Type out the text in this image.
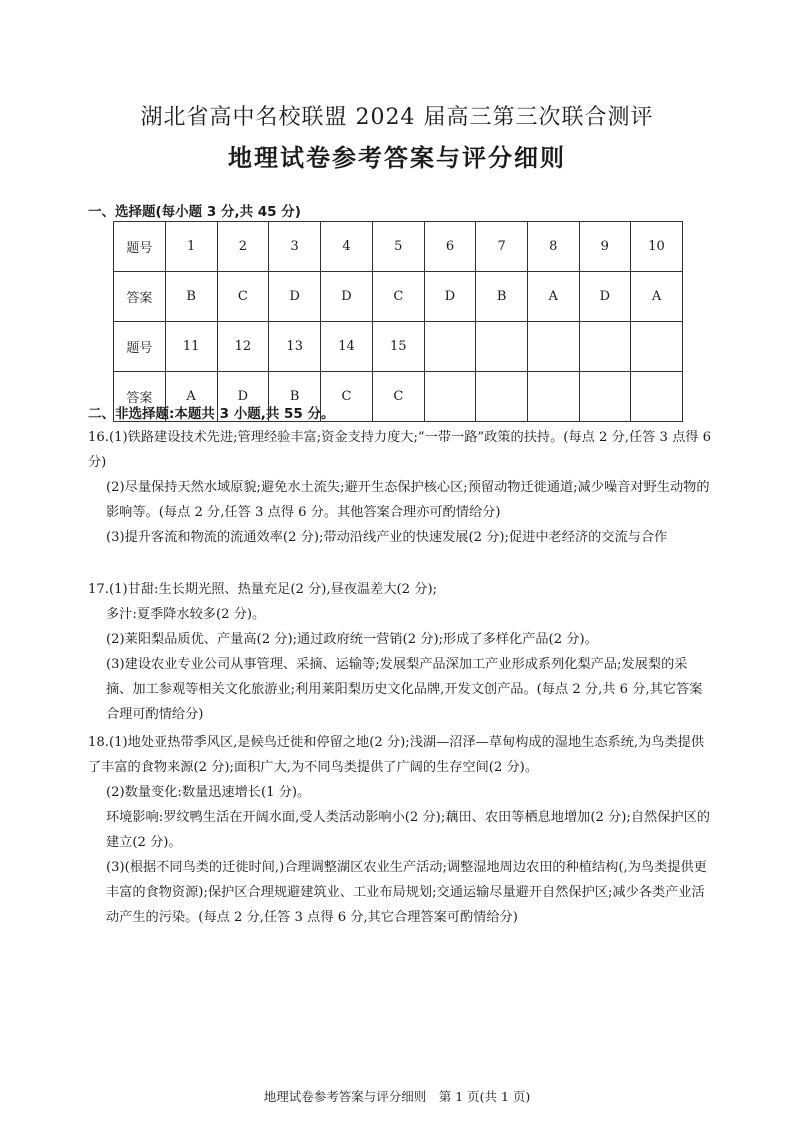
湖北省高中名校联盟 2024 届高三第三次联合测评
地理试卷参考答案与评分细则
一、选择题(每小题 3 分,共 45 分)
题号	1	2	3	4	5	6	7	8	9	10
答案	B	C	D	D	C	D	B	A	D	A
题号	11	12	13	14	15					
答案	A	D	B	C	C					
二、非选择题:本题共 3 小题,共 55 分。

16.(1)铁路建设技术先进;管理经验丰富;资金支持力度大;“一带一路”政策的扶持。(每点 2 分,任答 3 点得 6 分)

(2)尽量保持天然水域原貌;避免水土流失;避开生态保护核心区;预留动物迁徙通道;减少噪音对野生动物的影响等。(每点 2 分,任答 3 点得 6 分。其他答案合理亦可酌情给分)

(3)提升客流和物流的流通效率(2 分);带动沿线产业的快速发展(2 分);促进中老经济的交流与合作

17.(1)甘甜:生长期光照、热量充足(2 分),昼夜温差大(2 分);

多汁:夏季降水较多(2 分)。

(2)莱阳梨品质优、产量高(2 分);通过政府统一营销(2 分);形成了多样化产品(2 分)。

(3)建设农业专业公司从事管理、采摘、运输等;发展梨产品深加工产业形成系列化梨产品;发展梨的采摘、加工参观等相关文化旅游业;利用莱阳梨历史文化品牌,开发文创产品。(每点 2 分,共 6 分,其它答案合理可酌情给分)

18.(1)地处亚热带季风区,是候鸟迁徙和停留之地(2 分);浅湖—沼泽—草甸构成的湿地生态系统,为鸟类提供了丰富的食物来源(2 分);面积广大,为不同鸟类提供了广阔的生存空间(2 分)。

(2)数量变化:数量迅速增长(1 分)。

环境影响:罗纹鸭生活在开阔水面,受人类活动影响小(2 分);藕田、农田等栖息地增加(2 分);自然保护区的建立(2 分)。

(3)(根据不同鸟类的迁徙时间,)合理调整湖区农业生产活动;调整湿地周边农田的种植结构(,为鸟类提供更丰富的食物资源);保护区合理规避建筑业、工业布局规划;交通运输尽量避开自然保护区;减少各类产业活动产生的污染。(每点 2 分,任答 3 点得 6 分,其它合理答案可酌情给分)

地理试卷参考答案与评分细则　第 1 页(共 1 页)
